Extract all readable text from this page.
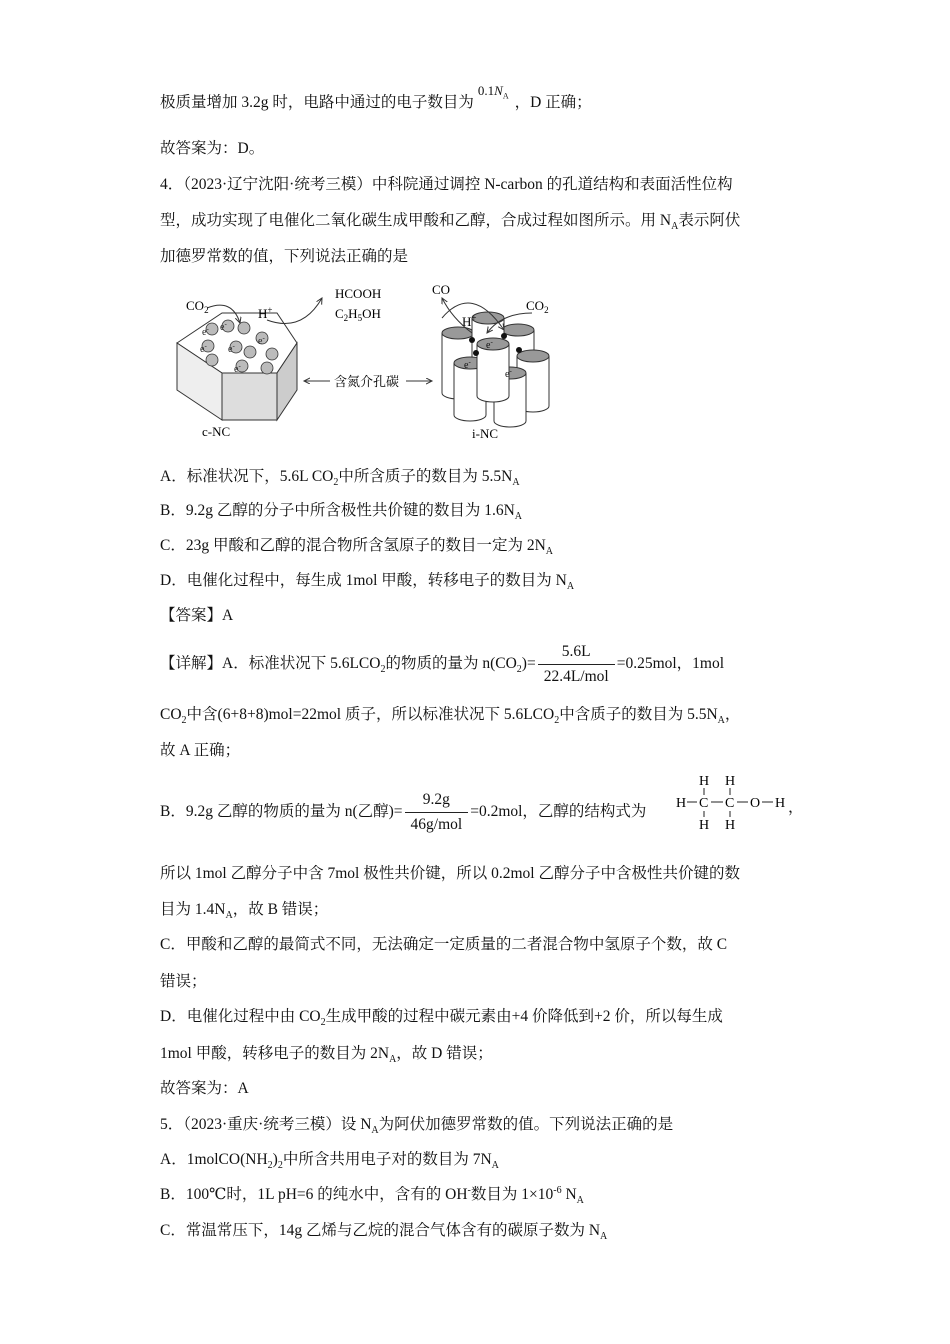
极质量增加 3.2g 时，电路中通过的电子数目为$^{0.1N_A}$ ，D 正确；
故答案为：D。
4．（2023·辽宁沈阳·统考三模）中科院通过调控 N-carbon 的孔道结构和表面活性位构
型，成功实现了电催化二氧化碳生成甲酸和乙醇，合成过程如图所示。用 $N_A$表示阿伏
加德罗常数的值，下列说法正确的是
e- e-
e- e- e-
e-
$CO_2$	H+
HCOOH
$C_2H_5OH$
含氮介孔碳
c-NC
e-
e-
e-
CO
H+
$CO_2$
i-NC
A．标准状况下，5.6L $CO_2$中所含质子的数目为 $5.5N_A$
B．9.2g 乙醇的分子中所含极性共价键的数目为 $1.6N_A$
C．23g 甲酸和乙醇的混合物所含氢原子的数目一定为 $2N_A$
D．电催化过程中，每生成 1mol 甲酸，转移电子的数目为 $N_A$
【答案】A
【详解】A．标准状况下 $5.6LCO_2$的物质的量为 $n(CO_2)= \frac{5.6L}{\text{22.4L/mol}} =0.25mol$，1mol
$CO_2$中含(6+8+8)mol=22mol 质子，所以标准状况下 $5.6LCO_2$中含质子的数目为 $5.5N_A$，
故 A 正确；
B．9.2g 乙醇的物质的量为 n(乙醇)= $\frac{9.2g}{\text{46g/mol}} =0.2mol$，乙醇的结构式为	，
H H
H C C O H
H H
所以 1mol 乙醇分子中含 7mol 极性共价键，所以 0.2mol 乙醇分子中含极性共价键的数
目为 $1.4N_A$，故 B 错误；
C．甲酸和乙醇的最简式不同，无法确定一定质量的二者混合物中氢原子个数，故 C
错误；
D．电催化过程中由 $CO_2$生成甲酸的过程中碳元素由+4 价降低到+2 价，所以每生成
1mol 甲酸，转移电子的数目为 $2N_A$，故 D 错误；
故答案为：A
5．（2023·重庆·统考三模）设 $N_A$为阿伏加德罗常数的值。下列说法正确的是
A．$1molCO(NH_2)_2$中所含共用电子对的数目为 $7N_A$
B．100℃时，1L pH=6 的纯水中，含有的 OH-数目为 $1\times 10^{-6}$ $N_A$
C．常温常压下，14g 乙烯与乙烷的混合气体含有的碳原子数为 $N_A$
